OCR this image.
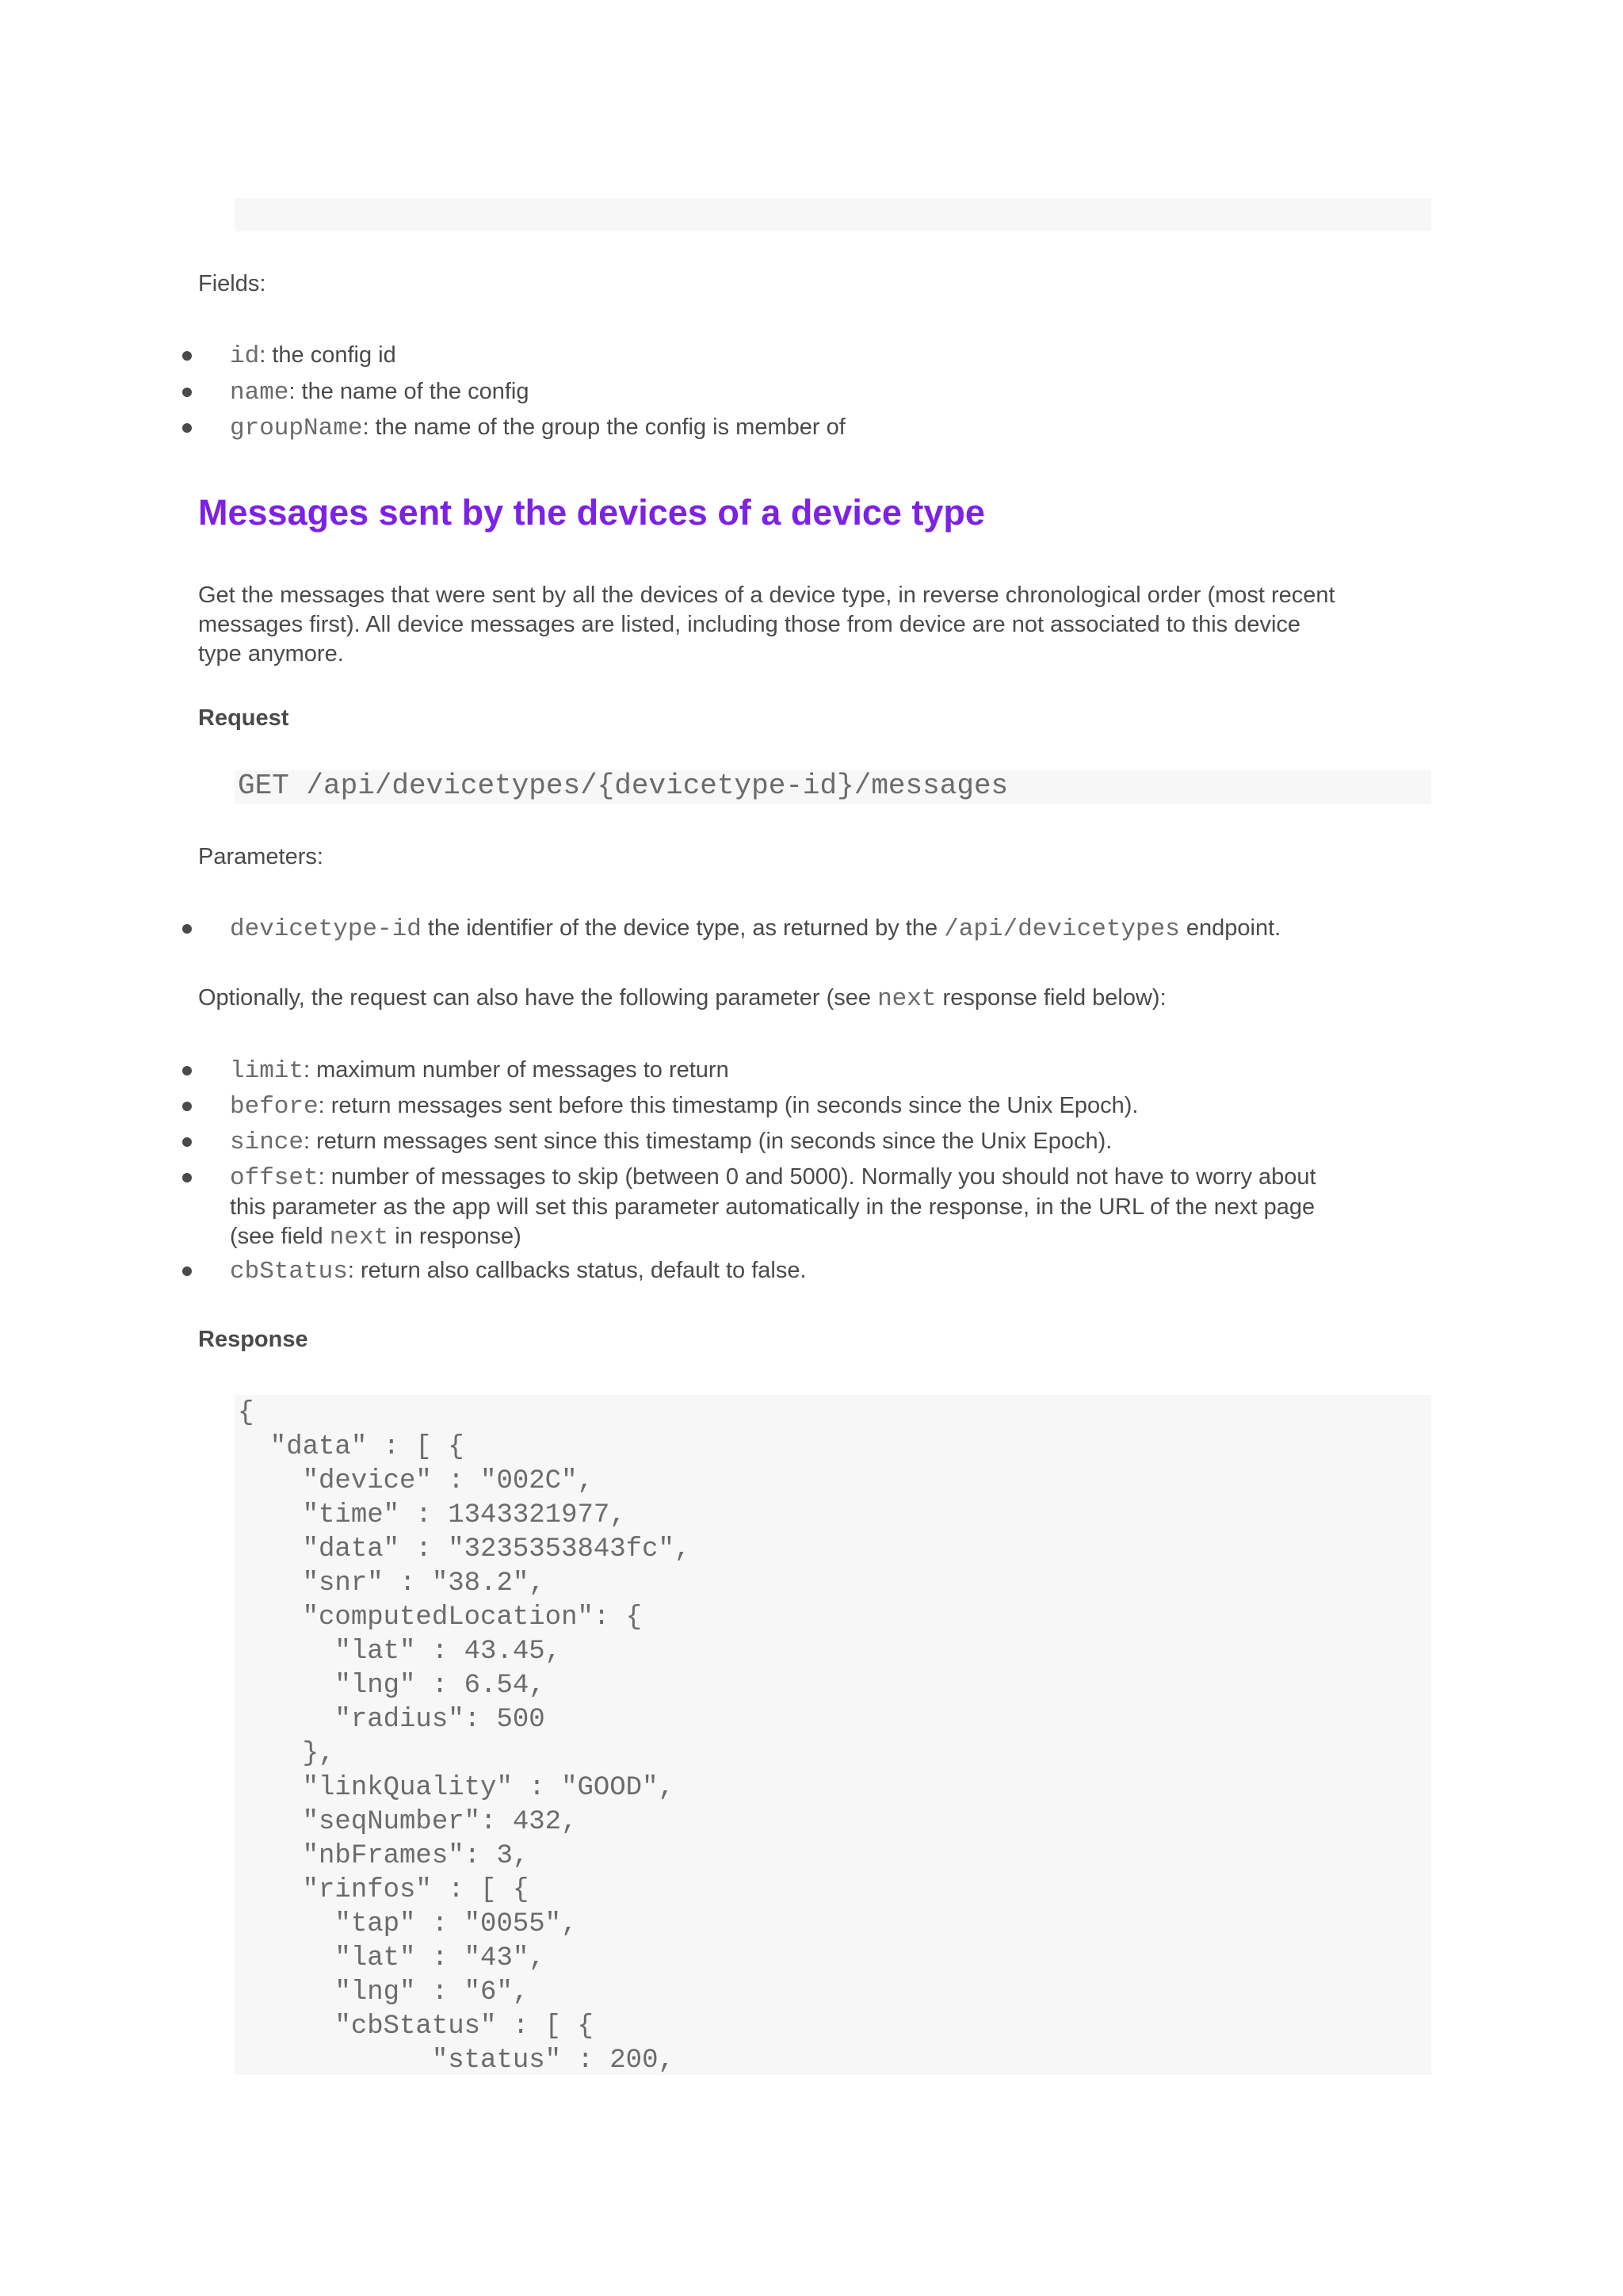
Fields:
id: the config id
name: the name of the config
groupName: the name of the group the config is member of
Messages sent by the devices of a device type
Get the messages that were sent by all the devices of a device type, in reverse chronological order (most recent
messages first). All device messages are listed, including those from device are not associated to this device
type anymore.
Request
GET /api/devicetypes/{devicetype-id}/messages
Parameters:
devicetype-id the identifier of the device type, as returned by the /api/devicetypes endpoint.
Optionally, the request can also have the following parameter (see next response field below):
limit: maximum number of messages to return
before: return messages sent before this timestamp (in seconds since the Unix Epoch).
since: return messages sent since this timestamp (in seconds since the Unix Epoch).
offset: number of messages to skip (between 0 and 5000). Normally you should not have to worry about
this parameter as the app will set this parameter automatically in the response, in the URL of the next page
(see field next in response)
cbStatus: return also callbacks status, default to false.
Response
{
"data" : [ {
"device" : "002C",
"time" : 1343321977,
"data" : "3235353843fc",
"snr" : "38.2",
"computedLocation": {
"lat" : 43.45,
"lng" : 6.54,
"radius": 500
},
"linkQuality" : "GOOD",
"seqNumber": 432,
"nbFrames": 3,
"rinfos" : [ {
"tap" : "0055",
"lat" : "43",
"lng" : "6",
"cbStatus" : [ {
"status" : 200,
